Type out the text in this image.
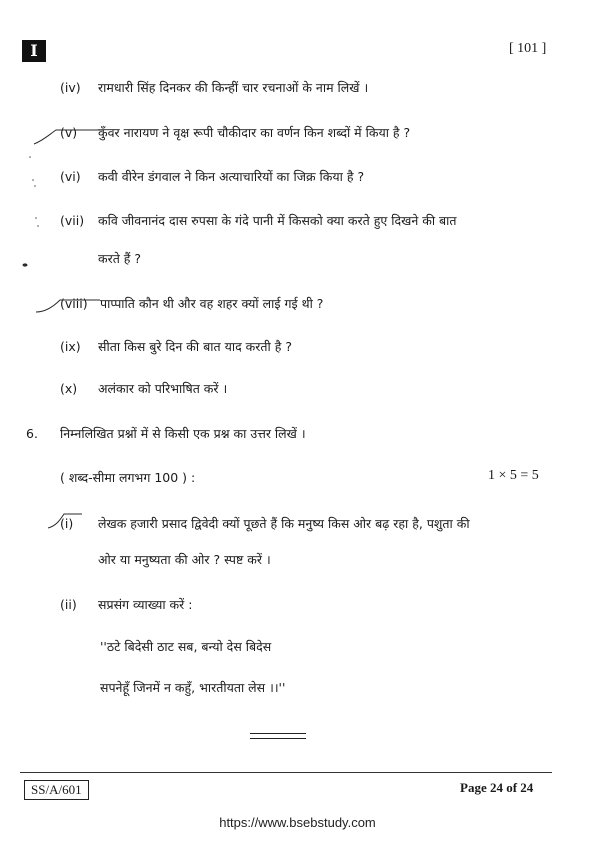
I	[ 101 ]
(iv) रामधारी सिंह दिनकर की किन्हीं चार रचनाओं के नाम लिखें ।
(v) कुँवर नारायण ने वृक्ष रूपी चौकीदार का वर्णन किन शब्दों में किया है ?
(vi) कवी वीरेन डंगवाल ने किन अत्याचारियों का जिक्र किया है ?
(vii) कवि जीवनानंद दास रुपसा के गंदे पानी में किसको क्या करते हुए दिखने की बात
करते हैं ?
(viii) पाप्पाति कौन थी और वह शहर क्यों लाई गई थी ?
(ix) सीता किस बुरे दिन की बात याद करती है ?
(x) अलंकार को परिभाषित करें ।
6. निम्नलिखित प्रश्नों में से किसी एक प्रश्न का उत्तर लिखें ।
( शब्द-सीमा लगभग 100 ) :	1 × 5 = 5
(i) लेखक हजारी प्रसाद द्विवेदी क्यों पूछते हैं कि मनुष्य किस ओर बढ़ रहा है, पशुता की
ओर या मनुष्यता की ओर ? स्पष्ट करें ।
(ii) सप्रसंग व्याख्या करें :
''ठटे बिदेसी ठाट सब, बन्यो देस बिदेस
सपनेहूँ जिनमें न कहुँ, भारतीयता लेस ।।''
SS/A/601	Page 24 of 24
https://www.bsebstudy.com
